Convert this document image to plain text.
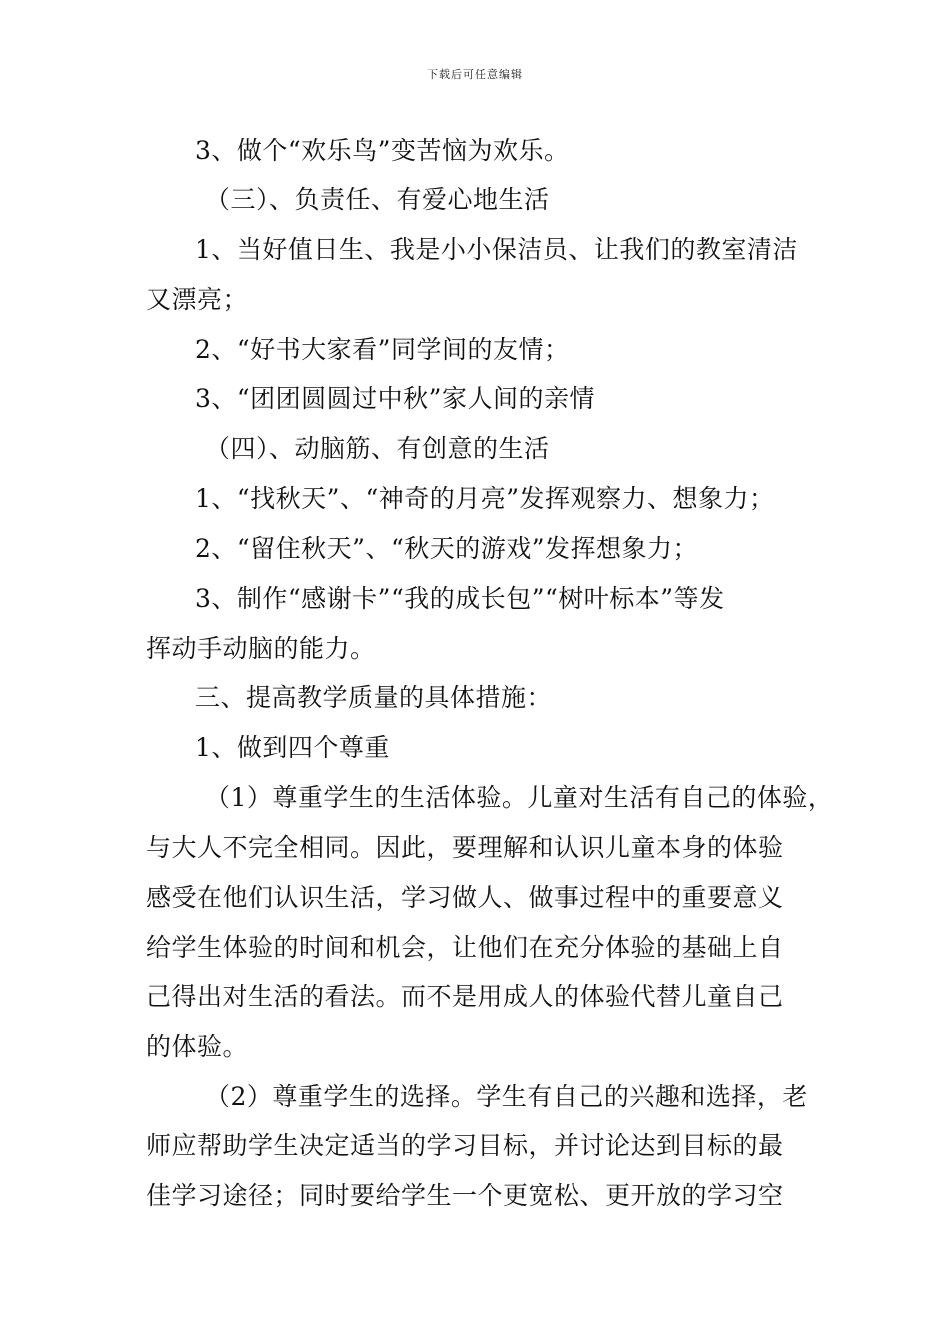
下载后可任意编辑
3、做个“欢乐鸟”变苦恼为欢乐。
（三）、负责任、有爱心地生活
1、当好值日生、我是小小保洁员、让我们的教室清洁
又漂亮；
2、“好书大家看”同学间的友情；
3、“团团圆圆过中秋”家人间的亲情
（四）、动脑筋、有创意的生活
1、“找秋天”、“神奇的月亮”发挥观察力、想象力；
2、“留住秋天”、“秋天的游戏”发挥想象力；
3、制作“感谢卡”“我的成长包”“树叶标本”等发
挥动手动脑的能力。
三、提高教学质量的具体措施：
1、做到四个尊重
（1）尊重学生的生活体验。儿童对生活有自己的体验，
与大人不完全相同。因此，要理解和认识儿童本身的体验
感受在他们认识生活，学习做人、做事过程中的重要意义
给学生体验的时间和机会，让他们在充分体验的基础上自
己得出对生活的看法。而不是用成人的体验代替儿童自己
的体验。
（2）尊重学生的选择。学生有自己的兴趣和选择，老
师应帮助学生决定适当的学习目标，并讨论达到目标的最
佳学习途径；同时要给学生一个更宽松、更开放的学习空
